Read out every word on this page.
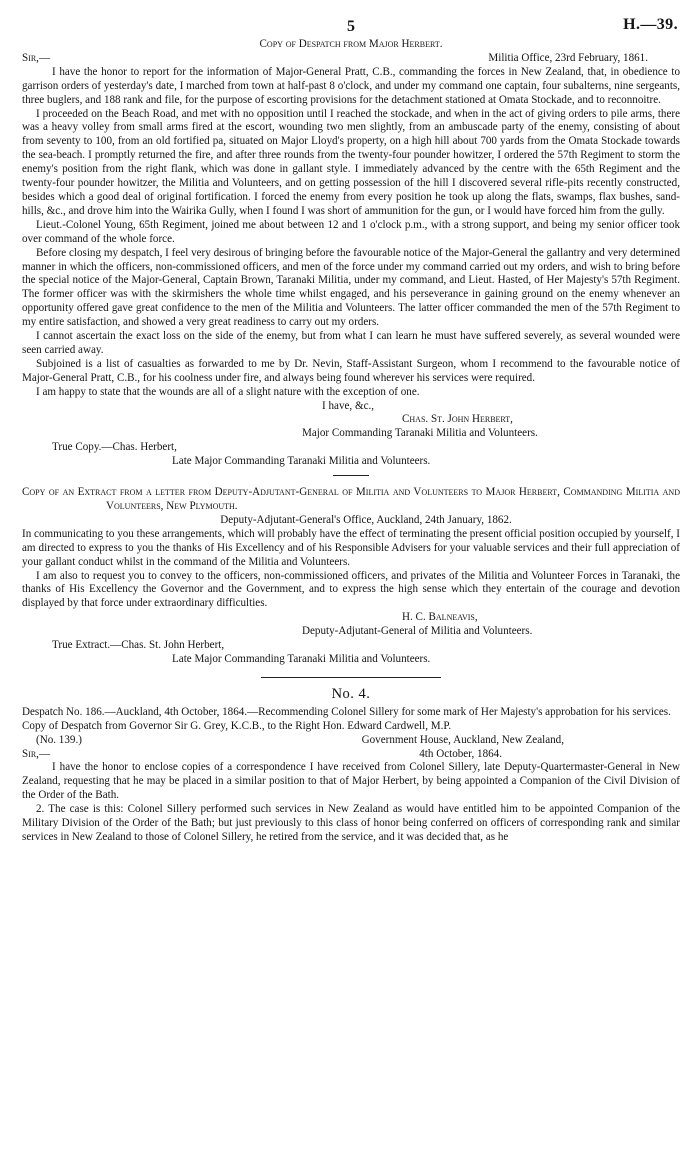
5	H.—39.

Copy of Despatch from Major Herbert.

Sir,—	Militia Office, 23rd February, 1861.

I have the honor to report for the information of Major-General Pratt, C.B., commanding the forces in New Zealand, that, in obedience to garrison orders of yesterday's date, I marched from town at half-past 8 o'clock, and under my command one captain, four subalterns, nine sergeants, three buglers, and 188 rank and file, for the purpose of escorting provisions for the detachment stationed at Omata Stockade, and to reconnoitre.

I proceeded on the Beach Road, and met with no opposition until I reached the stockade, and when in the act of giving orders to pile arms, there was a heavy volley from small arms fired at the escort, wounding two men slightly, from an ambuscade party of the enemy, consisting of about from seventy to 100, from an old fortified pa, situated on Major Lloyd's property, on a high hill about 700 yards from the Omata Stockade towards the sea-beach. I promptly returned the fire, and after three rounds from the twenty-four pounder howitzer, I ordered the 57th Regiment to storm the enemy's position from the right flank, which was done in gallant style. I immediately advanced by the centre with the 65th Regiment and the twenty-four pounder howitzer, the Militia and Volunteers, and on getting possession of the hill I discovered several rifle-pits recently constructed, besides which a good deal of original fortification. I forced the enemy from every position he took up along the flats, swamps, flax bushes, sand-hills, &c., and drove him into the Wairika Gully, when I found I was short of ammunition for the gun, or I would have forced him from the gully.

Lieut.-Colonel Young, 65th Regiment, joined me about between 12 and 1 o'clock p.m., with a strong support, and being my senior officer took over command of the whole force.

Before closing my despatch, I feel very desirous of bringing before the favourable notice of the Major-General the gallantry and very determined manner in which the officers, non-commissioned officers, and men of the force under my command carried out my orders, and wish to bring before the special notice of the Major-General, Captain Brown, Taranaki Militia, under my command, and Lieut. Hasted, of Her Majesty's 57th Regiment. The former officer was with the skirmishers the whole time whilst engaged, and his perseverance in gaining ground on the enemy whenever an opportunity offered gave great confidence to the men of the Militia and Volunteers. The latter officer commanded the men of the 57th Regiment to my entire satisfaction, and showed a very great readiness to carry out my orders.

I cannot ascertain the exact loss on the side of the enemy, but from what I can learn he must have suffered severely, as several wounded were seen carried away.

Subjoined is a list of casualties as forwarded to me by Dr. Nevin, Staff-Assistant Surgeon, whom I recommend to the favourable notice of Major-General Pratt, C.B., for his coolness under fire, and always being found wherever his services were required.

I am happy to state that the wounds are all of a slight nature with the exception of one.

I have, &c.,

Chas. St. John Herbert,

Major Commanding Taranaki Militia and Volunteers.

True Copy.—Chas. Herbert,

Late Major Commanding Taranaki Militia and Volunteers.

Copy of an Extract from a letter from Deputy-Adjutant-General of Militia and Volunteers to Major Herbert, Commanding Militia and Volunteers, New Plymouth.

Deputy-Adjutant-General's Office, Auckland, 24th January, 1862.

In communicating to you these arrangements, which will probably have the effect of terminating the present official position occupied by yourself, I am directed to express to you the thanks of His Excellency and of his Responsible Advisers for your valuable services and their full appreciation of your gallant conduct whilst in the command of the Militia and Volunteers.

I am also to request you to convey to the officers, non-commissioned officers, and privates of the Militia and Volunteer Forces in Taranaki, the thanks of His Excellency the Governor and the Government, and to express the high sense which they entertain of the courage and devotion displayed by that force under extraordinary difficulties.

H. C. Balneavis,

Deputy-Adjutant-General of Militia and Volunteers.

True Extract.—Chas. St. John Herbert,

Late Major Commanding Taranaki Militia and Volunteers.

No. 4.

Despatch No. 186.—Auckland, 4th October, 1864.—Recommending Colonel Sillery for some mark of Her Majesty's approbation for his services.

Copy of Despatch from Governor Sir G. Grey, K.C.B., to the Right Hon. Edward Cardwell, M.P.

(No. 139.)	Government House, Auckland, New Zealand,
Sir,—	4th October, 1864.

I have the honor to enclose copies of a correspondence I have received from Colonel Sillery, late Deputy-Quartermaster-General in New Zealand, requesting that he may be placed in a similar position to that of Major Herbert, by being appointed a Companion of the Civil Division of the Order of the Bath.

2. The case is this: Colonel Sillery performed such services in New Zealand as would have entitled him to be appointed Companion of the Military Division of the Order of the Bath; but just previously to this class of honor being conferred on officers of corresponding rank and similar services in New Zealand to those of Colonel Sillery, he retired from the service, and it was decided that, as he
